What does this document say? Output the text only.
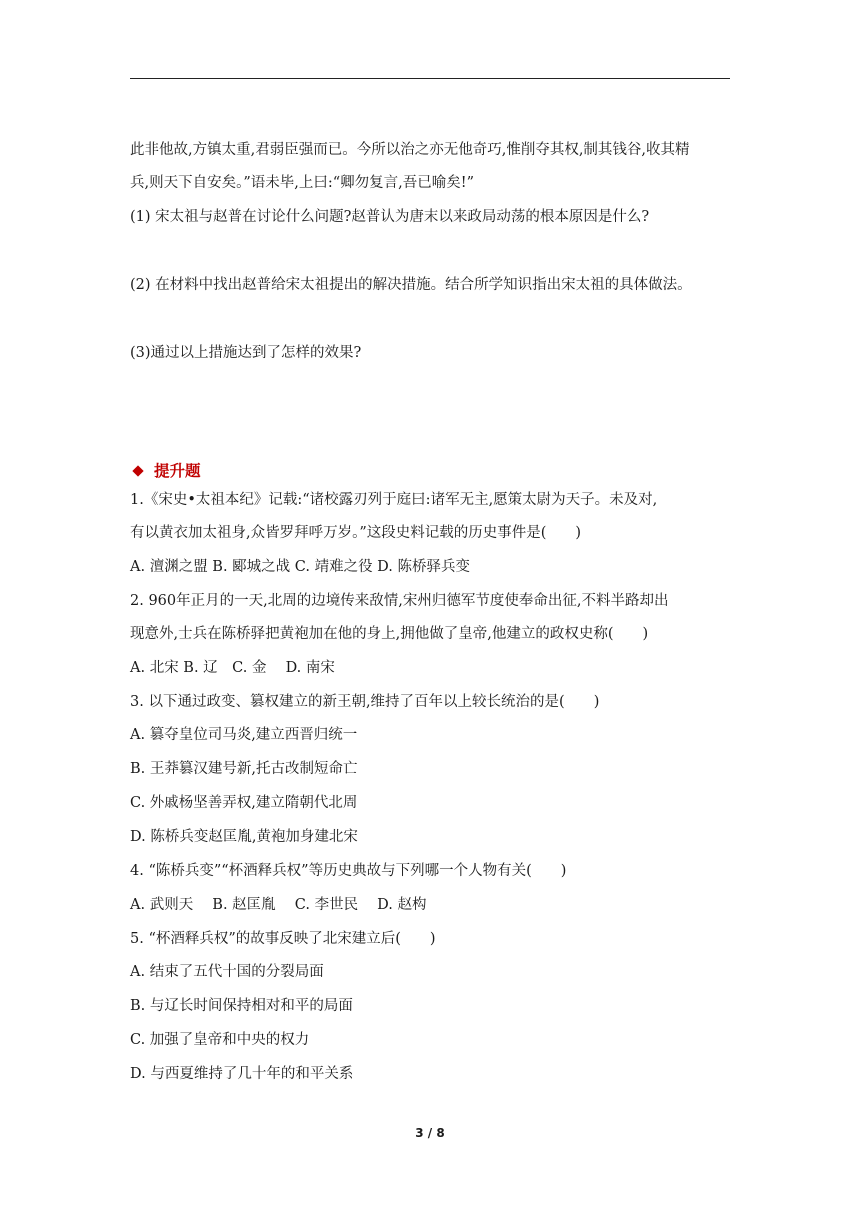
此非他故,方镇太重,君弱臣强而已。今所以治之亦无他奇巧,惟削夺其权,制其钱谷,收其精
兵,则天下自安矣。”语未毕,上曰:“卿勿复言,吾已喻矣!”
(1) 宋太祖与赵普在讨论什么问题?赵普认为唐末以来政局动荡的根本原因是什么?
(2) 在材料中找出赵普给宋太祖提出的解决措施。结合所学知识指出宋太祖的具体做法。
(3)通过以上措施达到了怎样的效果?
提升题
1.《宋史•太祖本纪》记载:“诸校露刃列于庭曰:诸军无主,愿策太尉为天子。未及对,
有以黄衣加太祖身,众皆罗拜呼万岁。”这段史料记载的历史事件是(　　)
A. 澶渊之盟 B. 郾城之战 C. 靖难之役 D. 陈桥驿兵变
2. 960年正月的一天,北周的边境传来敌情,宋州归德军节度使奉命出征,不料半路却出
现意外,士兵在陈桥驿把黄袍加在他的身上,拥他做了皇帝,他建立的政权史称(　　)
A. 北宋 B. 辽　C. 金　 D. 南宋
3. 以下通过政变、篡权建立的新王朝,维持了百年以上较长统治的是(　　)
A. 篡夺皇位司马炎,建立西晋归统一
B. 王莽篡汉建号新,托古改制短命亡
C. 外戚杨坚善弄权,建立隋朝代北周
D. 陈桥兵变赵匡胤,黄袍加身建北宋
4. “陈桥兵变”“杯酒释兵权”等历史典故与下列哪一个人物有关(　　)
A. 武则天　 B. 赵匡胤　 C. 李世民　 D. 赵构
5. “杯酒释兵权”的故事反映了北宋建立后(　　)
A. 结束了五代十国的分裂局面
B. 与辽长时间保持相对和平的局面
C. 加强了皇帝和中央的权力
D. 与西夏维持了几十年的和平关系
3 / 8
